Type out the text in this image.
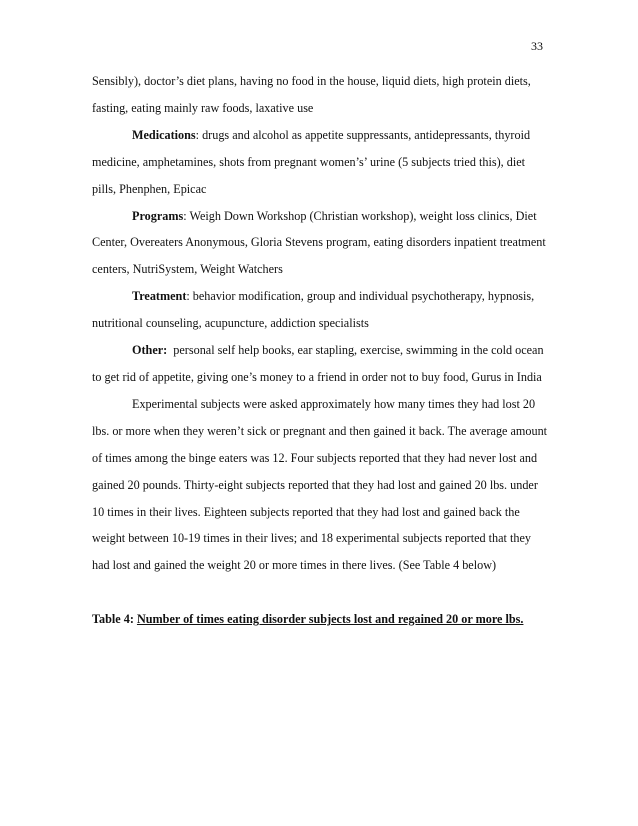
33

Sensibly), doctor’s diet plans, having no food in the house, liquid diets, high protein diets, fasting, eating mainly raw foods, laxative use

Medications: drugs and alcohol as appetite suppressants, antidepressants, thyroid medicine, amphetamines, shots from pregnant women’s’ urine (5 subjects tried this), diet pills, Phenphen, Epicac

Programs: Weigh Down Workshop (Christian workshop), weight loss clinics, Diet Center, Overeaters Anonymous, Gloria Stevens program, eating disorders inpatient treatment centers, NutriSystem, Weight Watchers

Treatment: behavior modification, group and individual psychotherapy, hypnosis, nutritional counseling, acupuncture, addiction specialists

Other:  personal self help books, ear stapling, exercise, swimming in the cold ocean to get rid of appetite, giving one’s money to a friend in order not to buy food, Gurus in India

Experimental subjects were asked approximately how many times they had lost 20 lbs. or more when they weren’t sick or pregnant and then gained it back. The average amount of times among the binge eaters was 12. Four subjects reported that they had never lost and gained 20 pounds. Thirty-eight subjects reported that they had lost and gained 20 lbs. under 10 times in their lives. Eighteen subjects reported that they had lost and gained back the weight between 10-19 times in their lives; and 18 experimental subjects reported that they had lost and gained the weight 20 or more times in there lives. (See Table 4 below)

Table 4: Number of times eating disorder subjects lost and regained 20 or more lbs.
